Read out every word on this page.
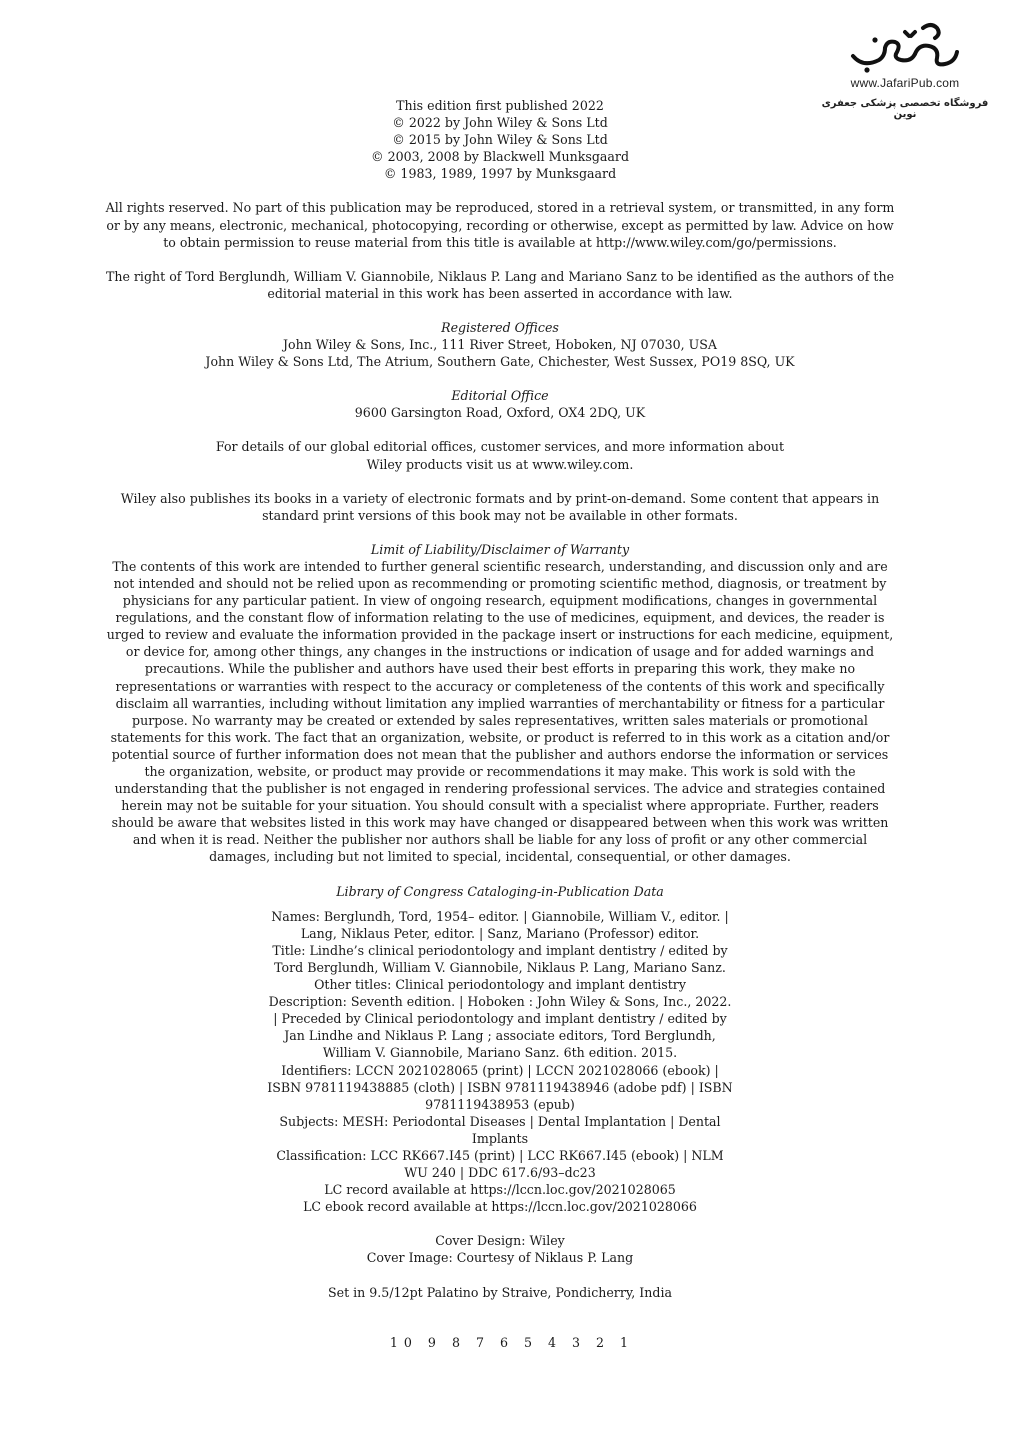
www.JafariPub.com
فروشگاه تخصصی پزشکی جعفری نوین

This edition first published 2022

© 2022 by John Wiley & Sons Ltd

© 2015 by John Wiley & Sons Ltd

© 2003, 2008 by Blackwell Munksgaard

© 1983, 1989, 1997 by Munksgaard

All rights reserved. No part of this publication may be reproduced, stored in a retrieval system, or transmitted, in any form or by any means, electronic, mechanical, photocopying, recording or otherwise, except as permitted by law. Advice on how to obtain permission to reuse material from this title is available at http://www.wiley.com/go/permissions.

The right of Tord Berglundh, William V. Giannobile, Niklaus P. Lang and Mariano Sanz to be identified as the authors of the editorial material in this work has been asserted in accordance with law.

Registered Offices

John Wiley & Sons, Inc., 111 River Street, Hoboken, NJ 07030, USA

John Wiley & Sons Ltd, The Atrium, Southern Gate, Chichester, West Sussex, PO19 8SQ, UK

Editorial Office

9600 Garsington Road, Oxford, OX4 2DQ, UK

For details of our global editorial offices, customer services, and more information about

Wiley products visit us at www.wiley.com.

Wiley also publishes its books in a variety of electronic formats and by print-on-demand. Some content that appears in standard print versions of this book may not be available in other formats.

Limit of Liability/Disclaimer of Warranty

The contents of this work are intended to further general scientific research, understanding, and discussion only and are not intended and should not be relied upon as recommending or promoting scientific method, diagnosis, or treatment by physicians for any particular patient. In view of ongoing research, equipment modifications, changes in governmental regulations, and the constant flow of information relating to the use of medicines, equipment, and devices, the reader is urged to review and evaluate the information provided in the package insert or instructions for each medicine, equipment, or device for, among other things, any changes in the instructions or indication of usage and for added warnings and precautions. While the publisher and authors have used their best efforts in preparing this work, they make no representations or warranties with respect to the accuracy or completeness of the contents of this work and specifically disclaim all warranties, including without limitation any implied warranties of merchantability or fitness for a particular purpose. No warranty may be created or extended by sales representatives, written sales materials or promotional statements for this work. The fact that an organization, website, or product is referred to in this work as a citation and/or potential source of further information does not mean that the publisher and authors endorse the information or services the organization, website, or product may provide or recommendations it may make. This work is sold with the understanding that the publisher is not engaged in rendering professional services. The advice and strategies contained herein may not be suitable for your situation. You should consult with a specialist where appropriate. Further, readers should be aware that websites listed in this work may have changed or disappeared between when this work was written and when it is read. Neither the publisher nor authors shall be liable for any loss of profit or any other commercial damages, including but not limited to special, incidental, consequential, or other damages.

Library of Congress Cataloging-in-Publication Data

Names: Berglundh, Tord, 1954– editor. | Giannobile, William V., editor. | Lang, Niklaus Peter, editor. | Sanz, Mariano (Professor) editor.

Title: Lindhe’s clinical periodontology and implant dentistry / edited by Tord Berglundh, William V. Giannobile, Niklaus P. Lang, Mariano Sanz.

Other titles: Clinical periodontology and implant dentistry

Description: Seventh edition. | Hoboken : John Wiley & Sons, Inc., 2022. | Preceded by Clinical periodontology and implant dentistry / edited by Jan Lindhe and Niklaus P. Lang ; associate editors, Tord Berglundh, William V. Giannobile, Mariano Sanz. 6th edition. 2015.

Identifiers: LCCN 2021028065 (print) | LCCN 2021028066 (ebook) | ISBN 9781119438885 (cloth) | ISBN 9781119438946 (adobe pdf) | ISBN 9781119438953 (epub)

Subjects: MESH: Periodontal Diseases | Dental Implantation | Dental Implants

Classification: LCC RK667.I45 (print) | LCC RK667.I45 (ebook) | NLM WU 240 | DDC 617.6/93–dc23

LC record available at https://lccn.loc.gov/2021028065

LC ebook record available at https://lccn.loc.gov/2021028066

Cover Design: Wiley

Cover Image: Courtesy of Niklaus P. Lang

Set in 9.5/12pt Palatino by Straive, Pondicherry, India

10 9 8 7 6 5 4 3 2 1
